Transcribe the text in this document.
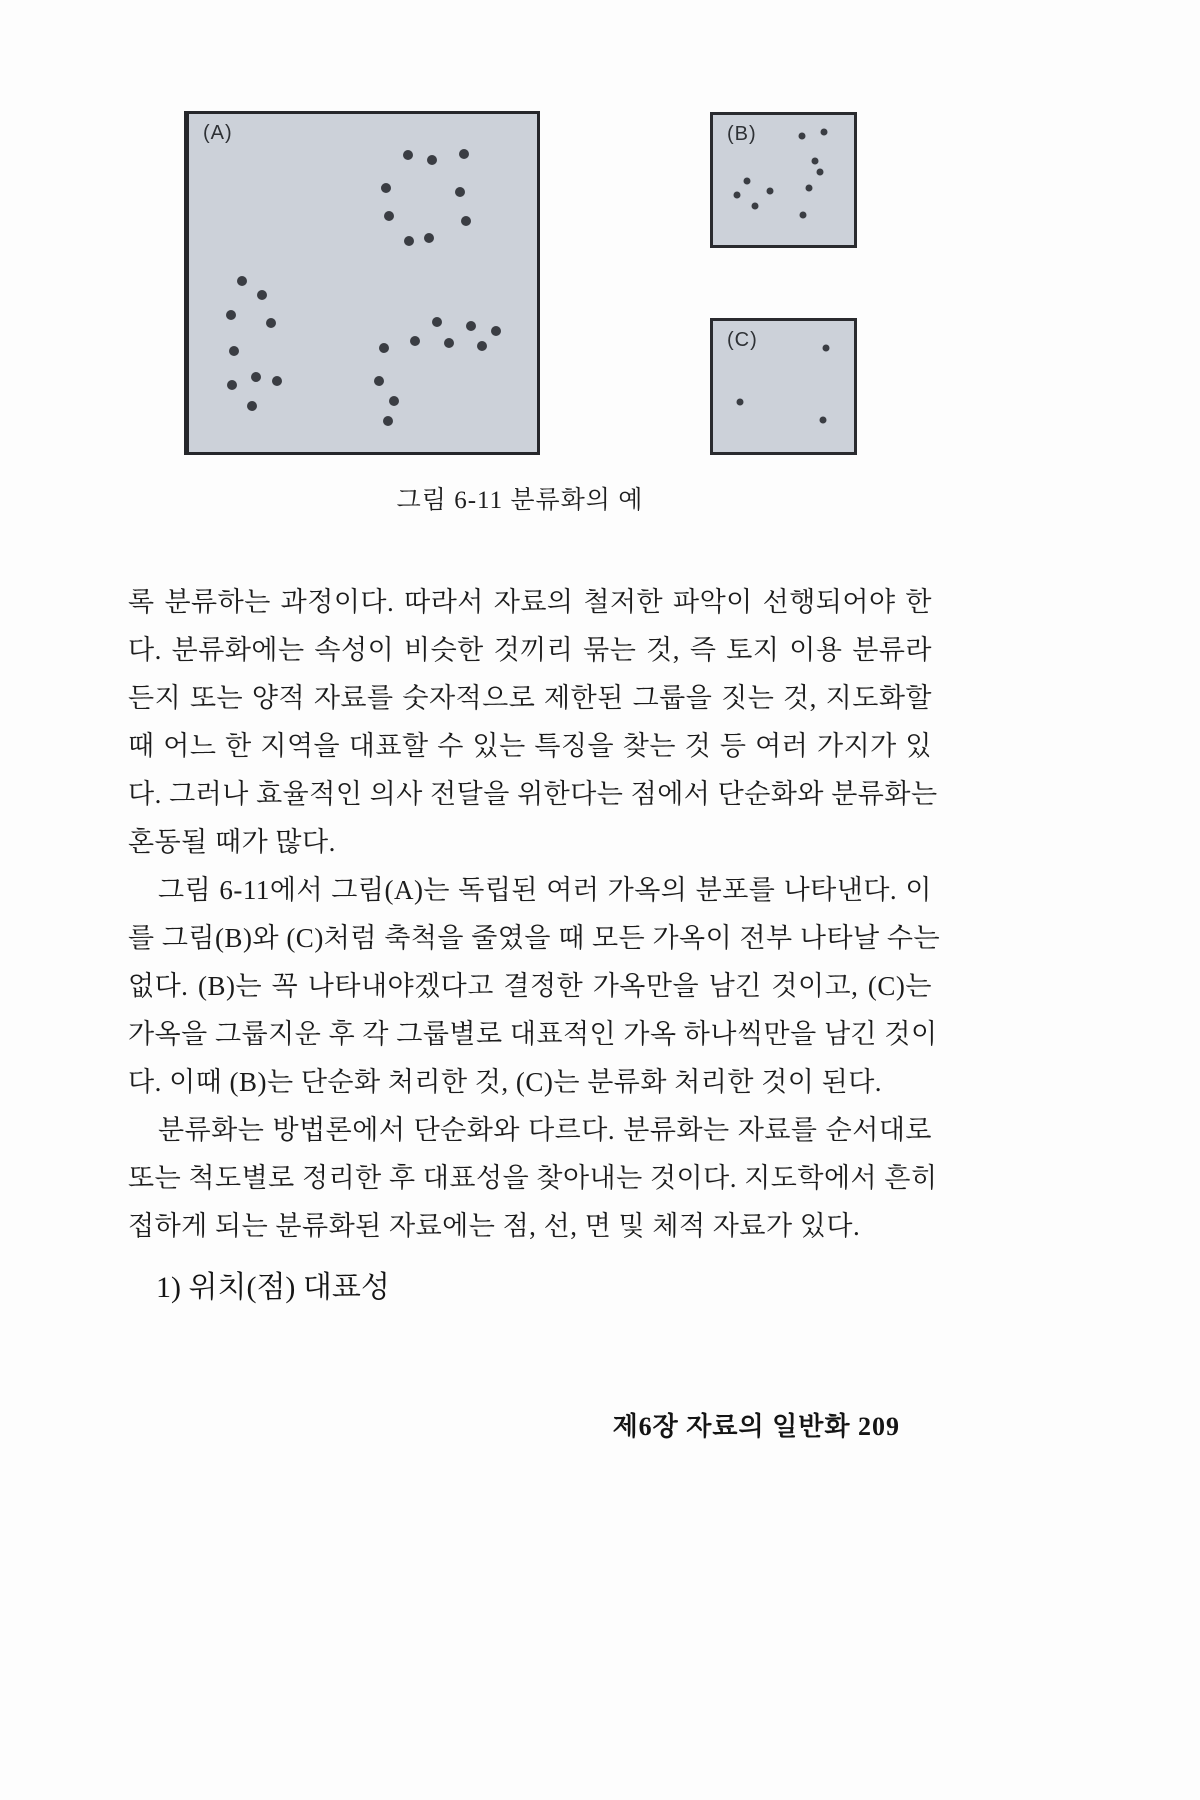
(A)	(B)
(C)
그림 6-11 분류화의 예
록 분류하는 과정이다. 따라서 자료의 철저한 파악이 선행되어야 한
다. 분류화에는 속성이 비슷한 것끼리 묶는 것, 즉 토지 이용 분류라
든지 또는 양적 자료를 숫자적으로 제한된 그룹을 짓는 것, 지도화할
때 어느 한 지역을 대표할 수 있는 특징을 찾는 것 등 여러 가지가 있
다. 그러나 효율적인 의사 전달을 위한다는 점에서 단순화와 분류화는
혼동될 때가 많다.
그림 6-11에서 그림(A)는 독립된 여러 가옥의 분포를 나타낸다. 이
를 그림(B)와 (C)처럼 축척을 줄였을 때 모든 가옥이 전부 나타날 수는
없다. (B)는 꼭 나타내야겠다고 결정한 가옥만을 남긴 것이고, (C)는
가옥을 그룹지운 후 각 그룹별로 대표적인 가옥 하나씩만을 남긴 것이
다. 이때 (B)는 단순화 처리한 것, (C)는 분류화 처리한 것이 된다.
분류화는 방법론에서 단순화와 다르다. 분류화는 자료를 순서대로
또는 척도별로 정리한 후 대표성을 찾아내는 것이다. 지도학에서 흔히
접하게 되는 분류화된 자료에는 점, 선, 면 및 체적 자료가 있다.
1) 위치(점) 대표성
제6장 자료의 일반화 209
